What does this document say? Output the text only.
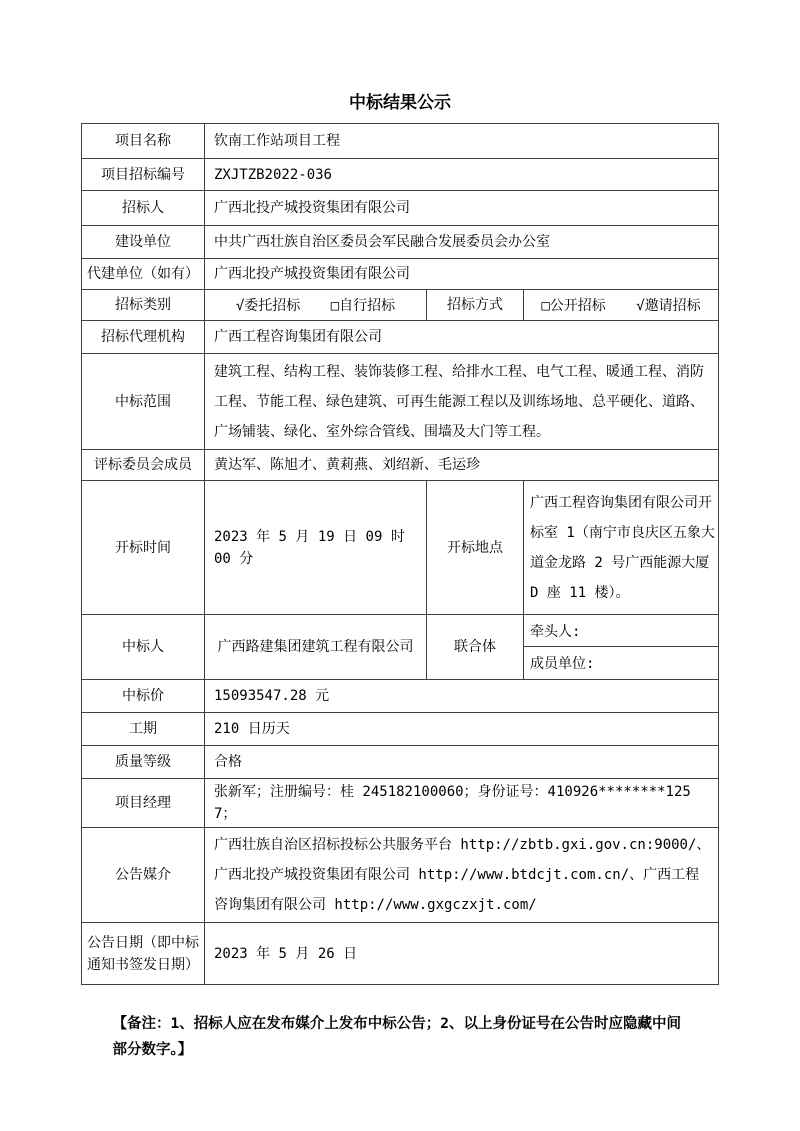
中标结果公示
项目名称	钦南工作站项目工程		
项目招标编号	ZXJTZB2022-036		
招标人	广西北投产城投资集团有限公司		
建设单位	中共广西壮族自治区委员会军民融合发展委员会办公室		
代建单位（如有）	广西北投产城投资集团有限公司		
招标类别	√委托招标 □自行招标	招标方式	□公开招标 √邀请招标
招标代理机构	广西工程咨询集团有限公司		
中标范围	建筑工程、结构工程、装饰装修工程、给排水工程、电气工程、暖通工程、消防工程、节能工程、绿色建筑、可再生能源工程以及训练场地、总平硬化、道路、广场铺装、绿化、室外综合管线、围墙及大门等工程。		
评标委员会成员	黄达军、陈旭才、黄莉燕、刘绍新、毛运珍		
开标时间	2023 年 5 月 19 日 09 时 00 分	开标地点	广西工程咨询集团有限公司开标室 1（南宁市良庆区五象大道金龙路 2 号广西能源大厦 D 座 11 楼）。
中标人	广西路建集团建筑工程有限公司	联合体	牵头人:
成员单位:

中标价	15093547.28 元		
工期	210 日历天		
质量等级	合格		
项目经理	张新军；注册编号：桂 245182100060；身份证号：410926********1257；		
公告媒介	广西壮族自治区招标投标公共服务平台 http://zbtb.gxi.gov.cn:9000/、广西北投产城投资集团有限公司 http://www.btdcjt.com.cn/、广西工程咨询集团有限公司 http://www.gxgczxjt.com/		
公告日期（即中标通知书签发日期）	2023 年 5 月 26 日		
【备注：1、招标人应在发布媒介上发布中标公告；2、以上身份证号在公告时应隐藏中间部分数字。】
